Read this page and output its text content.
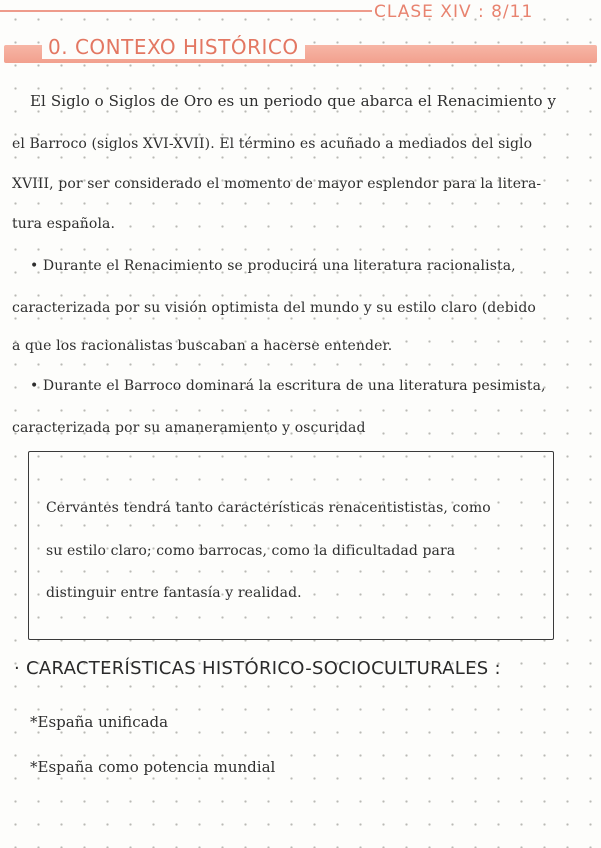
CLASE XIV : 8/11
0. CONTEXO HISTÓRICO
El Siglo o Siglos de Oro es un periodo que abarca el Renacimiento y
el Barroco (siglos XVI-XVII). El término es acuñado a mediados del siglo
XVIII, por ser considerado el momento de mayor esplendor para la litera-
tura española.
• Durante el Renacimiento se producirá una literatura racionalista,
caracterizada por su visión optimista del mundo y su estilo claro (debido
a que los racionalistas buscaban a hacerse entender.
• Durante el Barroco dominará la escritura de una literatura pesimista,
caracterizada por su amaneramiento y oscuridad
Cervantes tendrá tanto características renacentististas, como
su estilo claro; como barrocas, como la dificultadad para
distinguir entre fantasía y realidad.
· CARACTERÍSTICAS HISTÓRICO-SOCIOCULTURALES :
*España unificada
*España como potencia mundial
